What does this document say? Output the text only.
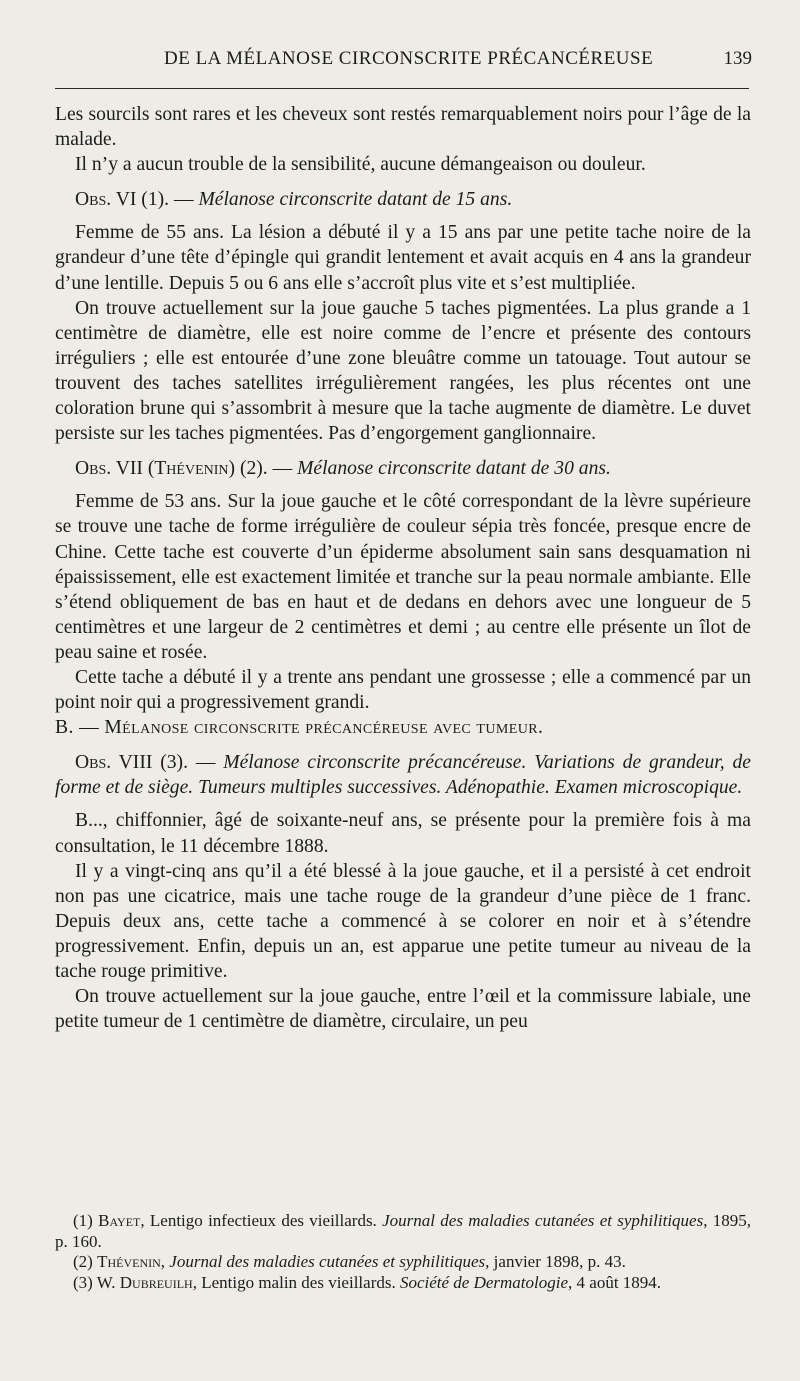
DE LA MÉLANOSE CIRCONSCRITE PRÉCANCÉREUSE	139

Les sourcils sont rares et les cheveux sont restés remarquablement noirs pour l’âge de la malade.

Il n’y a aucun trouble de la sensibilité, aucune démangeaison ou douleur.

Obs. VI (1). — Mélanose circonscrite datant de 15 ans.

Femme de 55 ans. La lésion a débuté il y a 15 ans par une petite tache noire de la grandeur d’une tête d’épingle qui grandit lentement et avait acquis en 4 ans la grandeur d’une lentille. Depuis 5 ou 6 ans elle s’accroît plus vite et s’est multipliée.

On trouve actuellement sur la joue gauche 5 taches pigmentées. La plus grande a 1 centimètre de diamètre, elle est noire comme de l’encre et présente des contours irréguliers ; elle est entourée d’une zone bleuâtre comme un tatouage. Tout autour se trouvent des taches satellites irrégulièrement rangées, les plus récentes ont une coloration brune qui s’assombrit à mesure que la tache augmente de diamètre. Le duvet persiste sur les taches pigmentées. Pas d’engorgement ganglionnaire.

Obs. VII (Thévenin) (2). — Mélanose circonscrite datant de 30 ans.

Femme de 53 ans. Sur la joue gauche et le côté correspondant de la lèvre supérieure se trouve une tache de forme irrégulière de couleur sépia très foncée, presque encre de Chine. Cette tache est couverte d’un épiderme absolument sain sans desquamation ni épaississement, elle est exactement limitée et tranche sur la peau normale ambiante. Elle s’étend obliquement de bas en haut et de dedans en dehors avec une longueur de 5 centimètres et une largeur de 2 centimètres et demi ; au centre elle présente un îlot de peau saine et rosée.

Cette tache a débuté il y a trente ans pendant une grossesse ; elle a commencé par un point noir qui a progressivement grandi.

B. — Mélanose circonscrite précancéreuse avec tumeur.

Obs. VIII (3). — Mélanose circonscrite précancéreuse. Variations de grandeur, de forme et de siège. Tumeurs multiples successives. Adénopathie. Examen microscopique.

B..., chiffonnier, âgé de soixante-neuf ans, se présente pour la première fois à ma consultation, le 11 décembre 1888.

Il y a vingt-cinq ans qu’il a été blessé à la joue gauche, et il a persisté à cet endroit non pas une cicatrice, mais une tache rouge de la grandeur d’une pièce de 1 franc. Depuis deux ans, cette tache a commencé à se colorer en noir et à s’étendre progressivement. Enfin, depuis un an, est apparue une petite tumeur au niveau de la tache rouge primitive.

On trouve actuellement sur la joue gauche, entre l’œil et la commissure labiale, une petite tumeur de 1 centimètre de diamètre, circulaire, un peu

(1) Bayet, Lentigo infectieux des vieillards. Journal des maladies cutanées et syphilitiques, 1895, p. 160.

(2) Thévenin, Journal des maladies cutanées et syphilitiques, janvier 1898, p. 43.

(3) W. Dubreuilh, Lentigo malin des vieillards. Société de Dermatologie, 4 août 1894.
